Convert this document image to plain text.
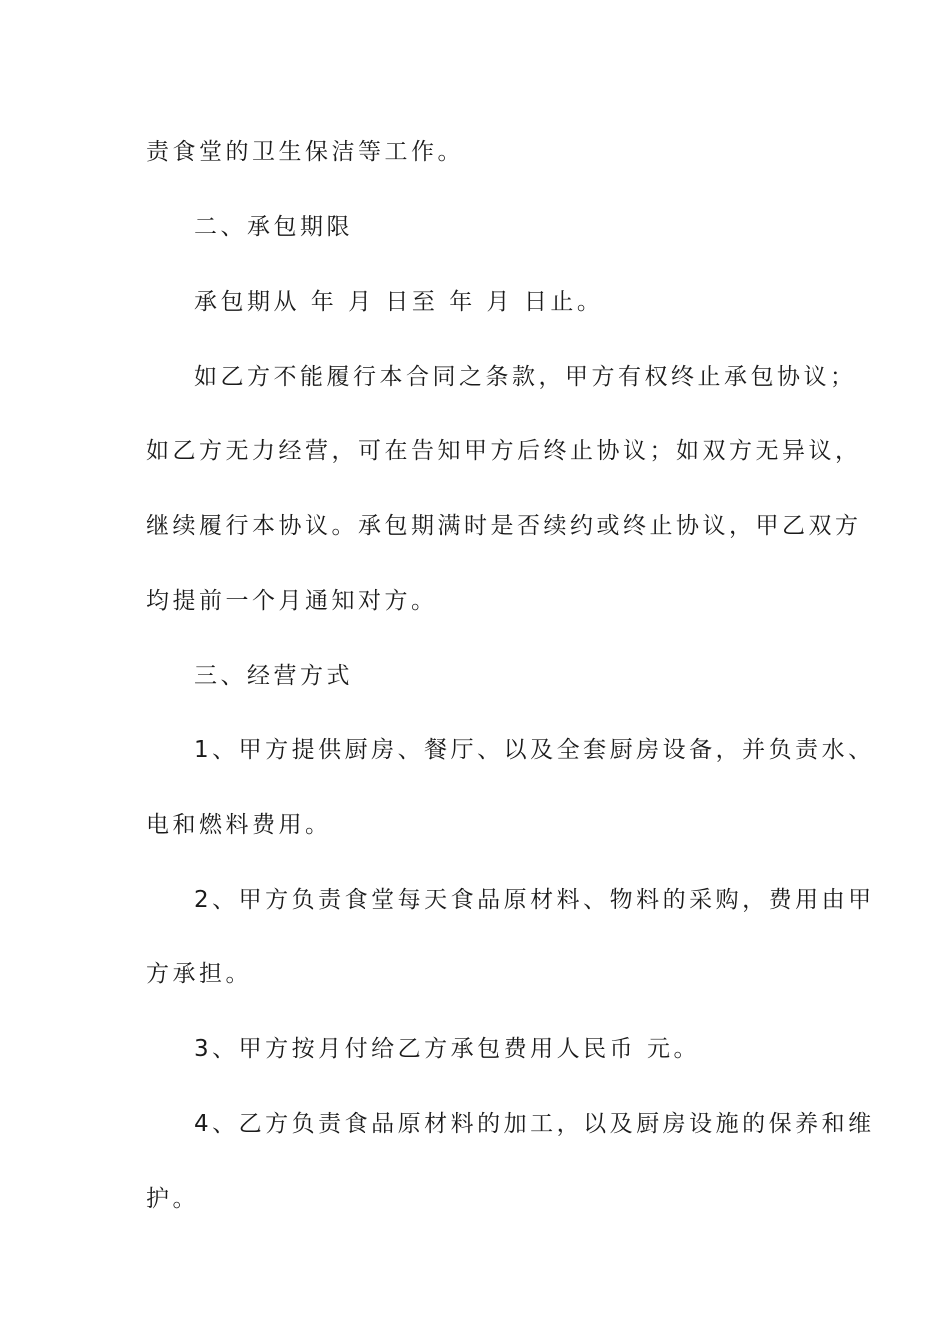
责食堂的卫生保洁等工作。
二、承包期限
承包期从 年 月 日至 年 月 日止。
如乙方不能履行本合同之条款，甲方有权终止承包协议；
如乙方无力经营，可在告知甲方后终止协议；如双方无异议，
继续履行本协议。承包期满时是否续约或终止协议，甲乙双方
均提前一个月通知对方。
三、经营方式
1、甲方提供厨房、餐厅、以及全套厨房设备，并负责水、
电和燃料费用。
2、甲方负责食堂每天食品原材料、物料的采购，费用由甲
方承担。
3、甲方按月付给乙方承包费用人民币 元。
4、乙方负责食品原材料的加工，以及厨房设施的保养和维
护。
